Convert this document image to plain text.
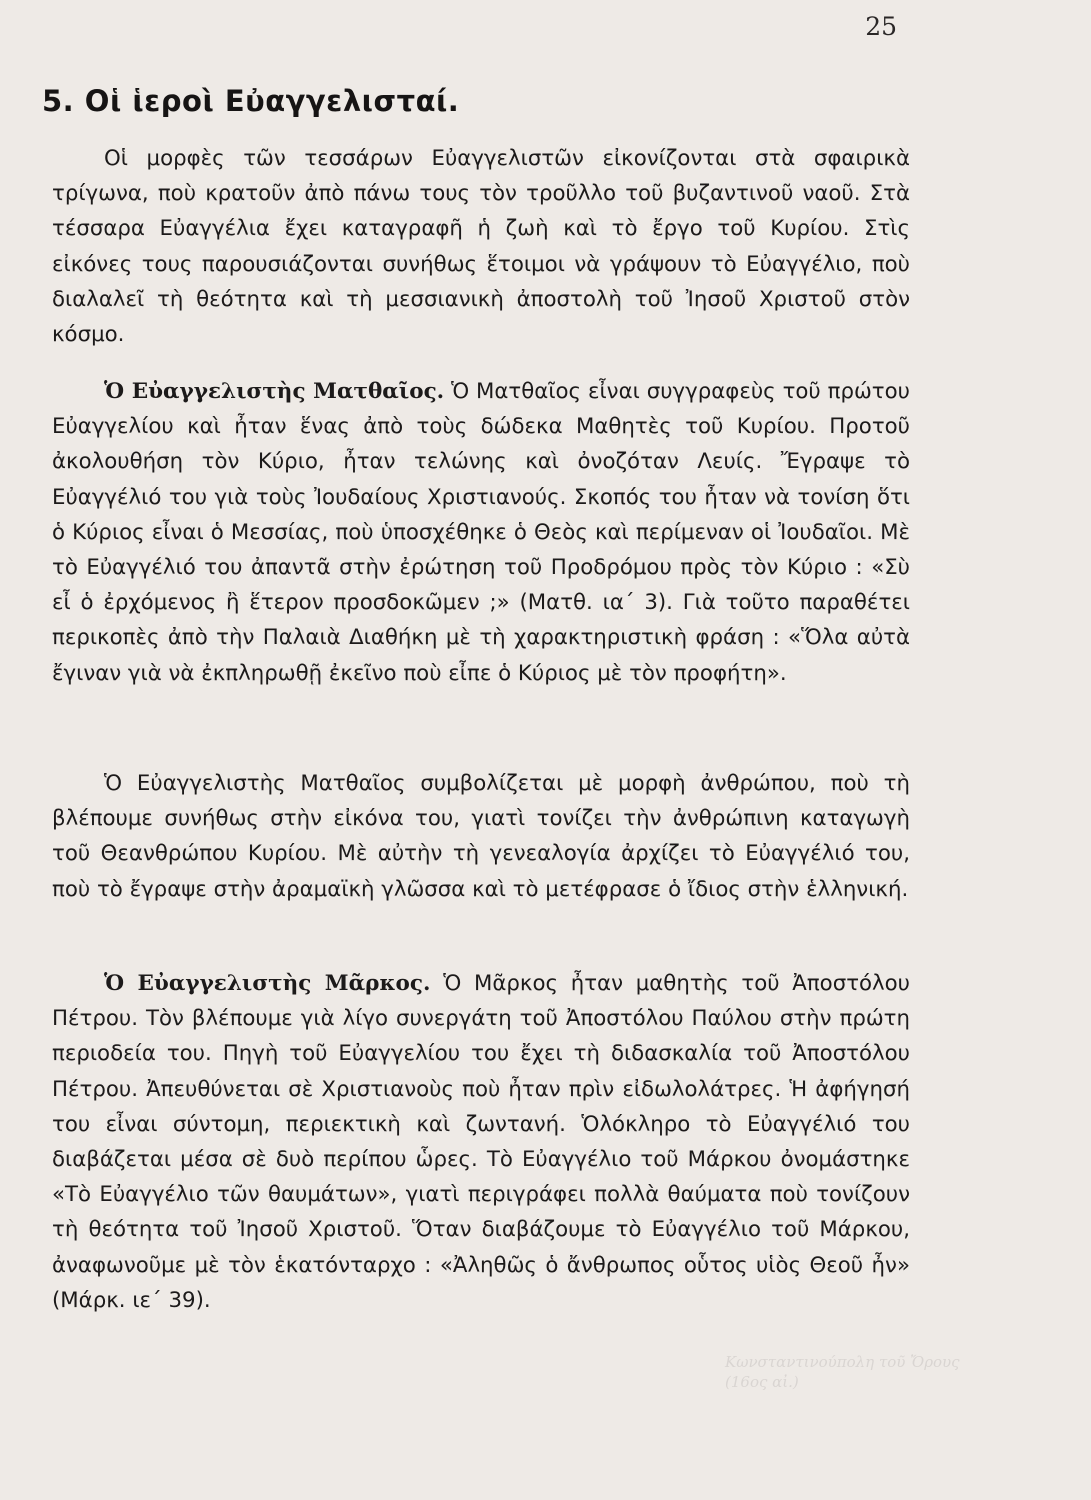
25
5. Οἱ ἱεροὶ Εὐαγγελισταί.

Οἱ μορφὲς τῶν τεσσάρων Εὐαγγελιστῶν εἰκονίζονται στὰ σφαιρικὰ τρίγωνα, ποὺ κρατοῦν ἀπὸ πάνω τους τὸν τροῦλλο τοῦ βυζαντινοῦ ναοῦ. Στὰ τέσσαρα Εὐαγγέλια ἔχει καταγραφῆ ἡ ζωὴ καὶ τὸ ἔργο τοῦ Κυρίου. Στὶς εἰκόνες τους παρουσιάζονται συνήθως ἕτοιμοι νὰ γράψουν τὸ Εὐαγγέλιο, ποὺ διαλαλεῖ τὴ θεότητα καὶ τὴ μεσσιανικὴ ἀποστολὴ τοῦ Ἰησοῦ Χριστοῦ στὸν κόσμο.

Ὁ Εὐαγγελιστὴς Ματθαῖος. Ὁ Ματθαῖος εἶναι συγγραφεὺς τοῦ πρώτου Εὐαγγελίου καὶ ἦταν ἕνας ἀπὸ τοὺς δώδεκα Μαθητὲς τοῦ Κυρίου. Προτοῦ ἀκολουθήση τὸν Κύριο, ἦταν τελώνης καὶ ὀνοζόταν Λευίς. Ἔγραψε τὸ Εὐαγγέλιό του γιὰ τοὺς Ἰουδαίους Χριστιανούς. Σκοπός του ἦταν νὰ τονίση ὅτι ὁ Κύριος εἶναι ὁ Μεσσίας, ποὺ ὑποσχέθηκε ὁ Θεὸς καὶ περίμεναν οἱ Ἰουδαῖοι. Μὲ τὸ Εὐαγγέλιό του ἀπαντᾶ στὴν ἐρώτηση τοῦ Προδρόμου πρὸς τὸν Κύριο : «Σὺ εἶ ὁ ἐρχόμενος ἢ ἕτερον προσδοκῶμεν ;» (Ματθ. ια΄ 3). Γιὰ τοῦτο παραθέτει περικοπὲς ἀπὸ τὴν Παλαιὰ Διαθήκη μὲ τὴ χαρακτηριστικὴ φράση : «Ὅλα αὐτὰ ἔγιναν γιὰ νὰ ἐκπληρωθῇ ἐκεῖνο ποὺ εἶπε ὁ Κύριος μὲ τὸν προφήτη».

Ὁ Εὐαγγελιστὴς Ματθαῖος συμβολίζεται μὲ μορφὴ ἀνθρώπου, ποὺ τὴ βλέπουμε συνήθως στὴν εἰκόνα του, γιατὶ τονίζει τὴν ἀνθρώπινη καταγωγὴ τοῦ Θεανθρώπου Κυρίου. Μὲ αὐτὴν τὴ γενεαλογία ἀρχίζει τὸ Εὐαγγέλιό του, ποὺ τὸ ἔγραψε στὴν ἀραμαϊκὴ γλῶσσα καὶ τὸ μετέφρασε ὁ ἴδιος στὴν ἑλληνική.

Ὁ Εὐαγγελιστὴς Μᾶρκος. Ὁ Μᾶρκος ἦταν μαθητὴς τοῦ Ἀποστόλου Πέτρου. Τὸν βλέπουμε γιὰ λίγο συνεργάτη τοῦ Ἀποστόλου Παύλου στὴν πρώτη περιοδεία του. Πηγὴ τοῦ Εὐαγγελίου του ἔχει τὴ διδασκαλία τοῦ Ἀποστόλου Πέτρου. Ἀπευθύνεται σὲ Χριστιανοὺς ποὺ ἦταν πρὶν εἰδωλολάτρες. Ἡ ἀφήγησή του εἶναι σύντομη, περιεκτικὴ καὶ ζωντανή. Ὁλόκληρο τὸ Εὐαγγέλιό του διαβάζεται μέσα σὲ δυὸ περίπου ὧρες. Τὸ Εὐαγγέλιο τοῦ Μάρκου ὀνομάστηκε «Τὸ Εὐαγγέλιο τῶν θαυμάτων», γιατὶ περιγράφει πολλὰ θαύματα ποὺ τονίζουν τὴ θεότητα τοῦ Ἰησοῦ Χριστοῦ. Ὅταν διαβάζουμε τὸ Εὐαγγέλιο τοῦ Μάρκου, ἀναφωνοῦμε μὲ τὸν ἑκατόνταρχο : «Ἀληθῶς ὁ ἄνθρωπος οὗτος υἱὸς Θεοῦ ἦν» (Μάρκ. ιε΄ 39).

Κωνσταντινούπολη τοῦ Ὄρους (16ος αἰ.)
